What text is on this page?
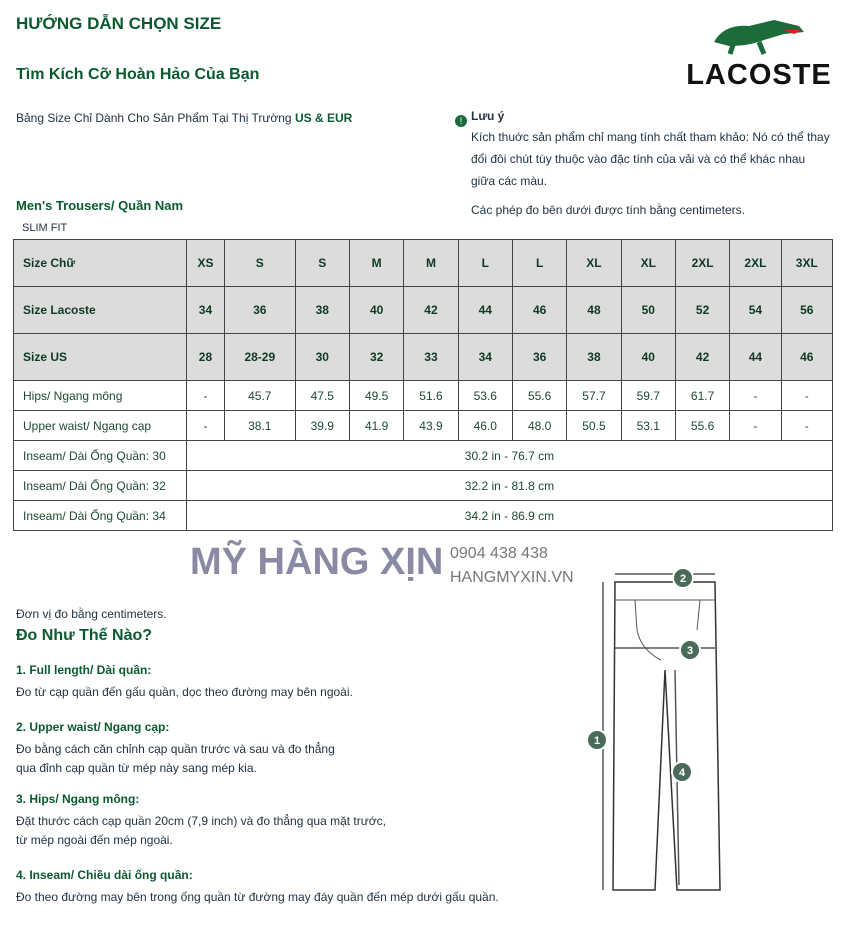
HƯỚNG DẪN CHỌN SIZE
Tìm Kích Cỡ Hoàn Hảo Của Bạn	LACOSTE
Bảng Size Chỉ Dành Cho Sản Phẩm Tại Thị Trường US & EUR	! Lưu ý
Kích thuớc sản phẩm chỉ mang tính chất tham khảo: Nó có thể thay đổi đôi chút tùy thuộc vào đặc tính của vải và có thể khác nhau giữa các màu.
Các phép đo bên dưới được tính bằng centimeters.
Men's Trousers/ Quần Nam
SLIM FIT
Size Chữ	XS	S	S	M	M	L	L	XL	XL	2XL	2XL	3XL
Size Lacoste	34	36	38	40	42	44	46	48	50	52	54	56
Size US	28	28-29	30	32	33	34	36	38	40	42	44	46
Hips/ Ngang mông	-	45.7	47.5	49.5	51.6	53.6	55.6	57.7	59.7	61.7	-	-
Upper waist/ Ngang cạp	-	38.1	39.9	41.9	43.9	46.0	48.0	50.5	53.1	55.6	-	-
Inseam/ Dài Ống Quần: 30	30.2 in - 76.7 cm											
Inseam/ Dài Ống Quần: 32	32.2 in - 81.8 cm											
Inseam/ Dài Ống Quần: 34	34.2 in - 86.9 cm											
MỸ HÀNG XỊN 0904 438 438
HANGMYXIN.VN
Đơn vị đo bằng centimeters.
Đo Như Thế Nào?
1. Full length/ Dài quần:
Đo từ cạp quần đến gấu quần, dọc theo đường may bên ngoài.
2. Upper waist/ Ngang cạp:
Đo bằng cách căn chỉnh cạp quần trước và sau và đo thẳng
qua đỉnh cạp quần từ mép này sang mép kia.
3. Hips/ Ngang mông:
Đặt thước cách cạp quần 20cm (7,9 inch) và đo thẳng qua mặt trước,
từ mép ngoài đến mép ngoài.
4. Inseam/ Chiều dài ống quần:
Đo theo đường may bên trong ống quần từ đường may đáy quần đến mép dưới gấu quần.
1
2
3
4
